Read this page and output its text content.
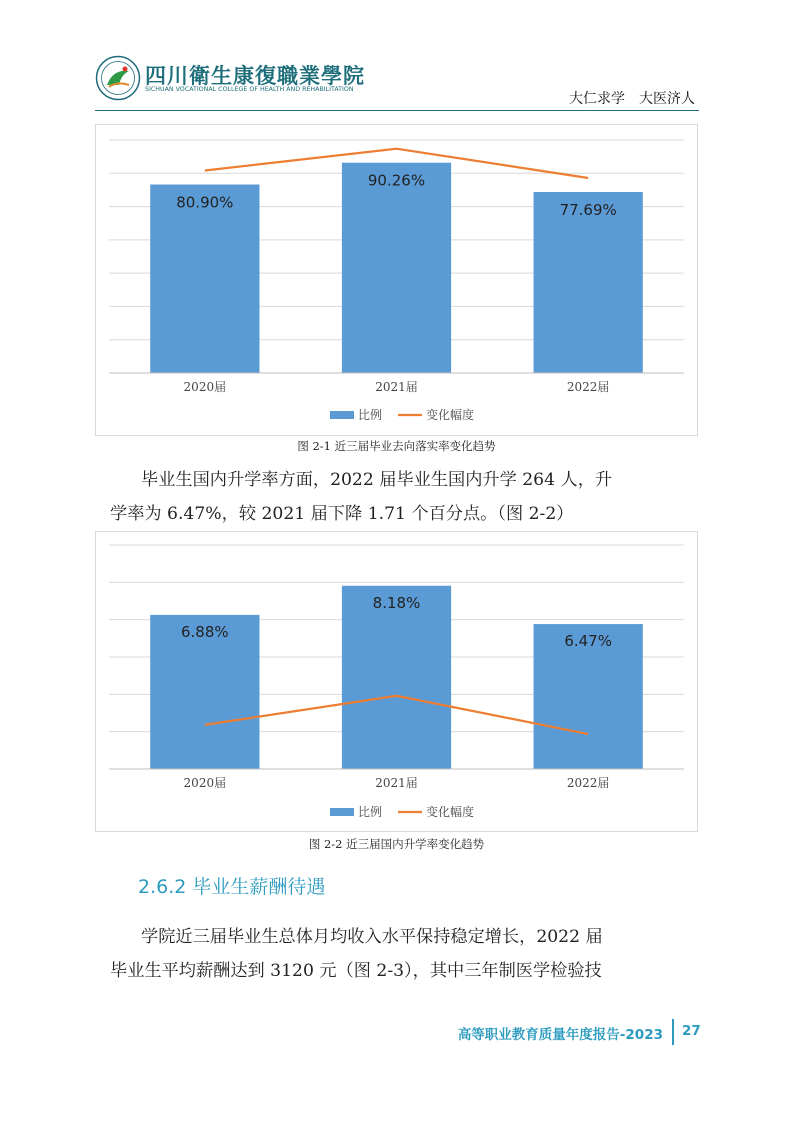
四川衛生康復職業學院
SICHUAN VOCATIONAL COLLEGE OF HEALTH AND REHABILITATION
大仁求学　大医济人
80.90%
2020届
90.26%
2021届
77.69%
2022届
比例	变化幅度
图 2-1 近三届毕业去向落实率变化趋势
毕业生国内升学率方面，2022 届毕业生国内升学 264 人，升
学率为 6.47%，较 2021 届下降 1.71 个百分点。（图 2-2）
6.88%
2020届
8.18%
2021届
6.47%
2022届
比例	变化幅度
图 2-2 近三届国内升学率变化趋势
2.6.2 毕业生薪酬待遇
学院近三届毕业生总体月均收入水平保持稳定增长，2022 届
毕业生平均薪酬达到 3120 元（图 2-3），其中三年制医学检验技
高等职业教育质量年度报告-2023 27
